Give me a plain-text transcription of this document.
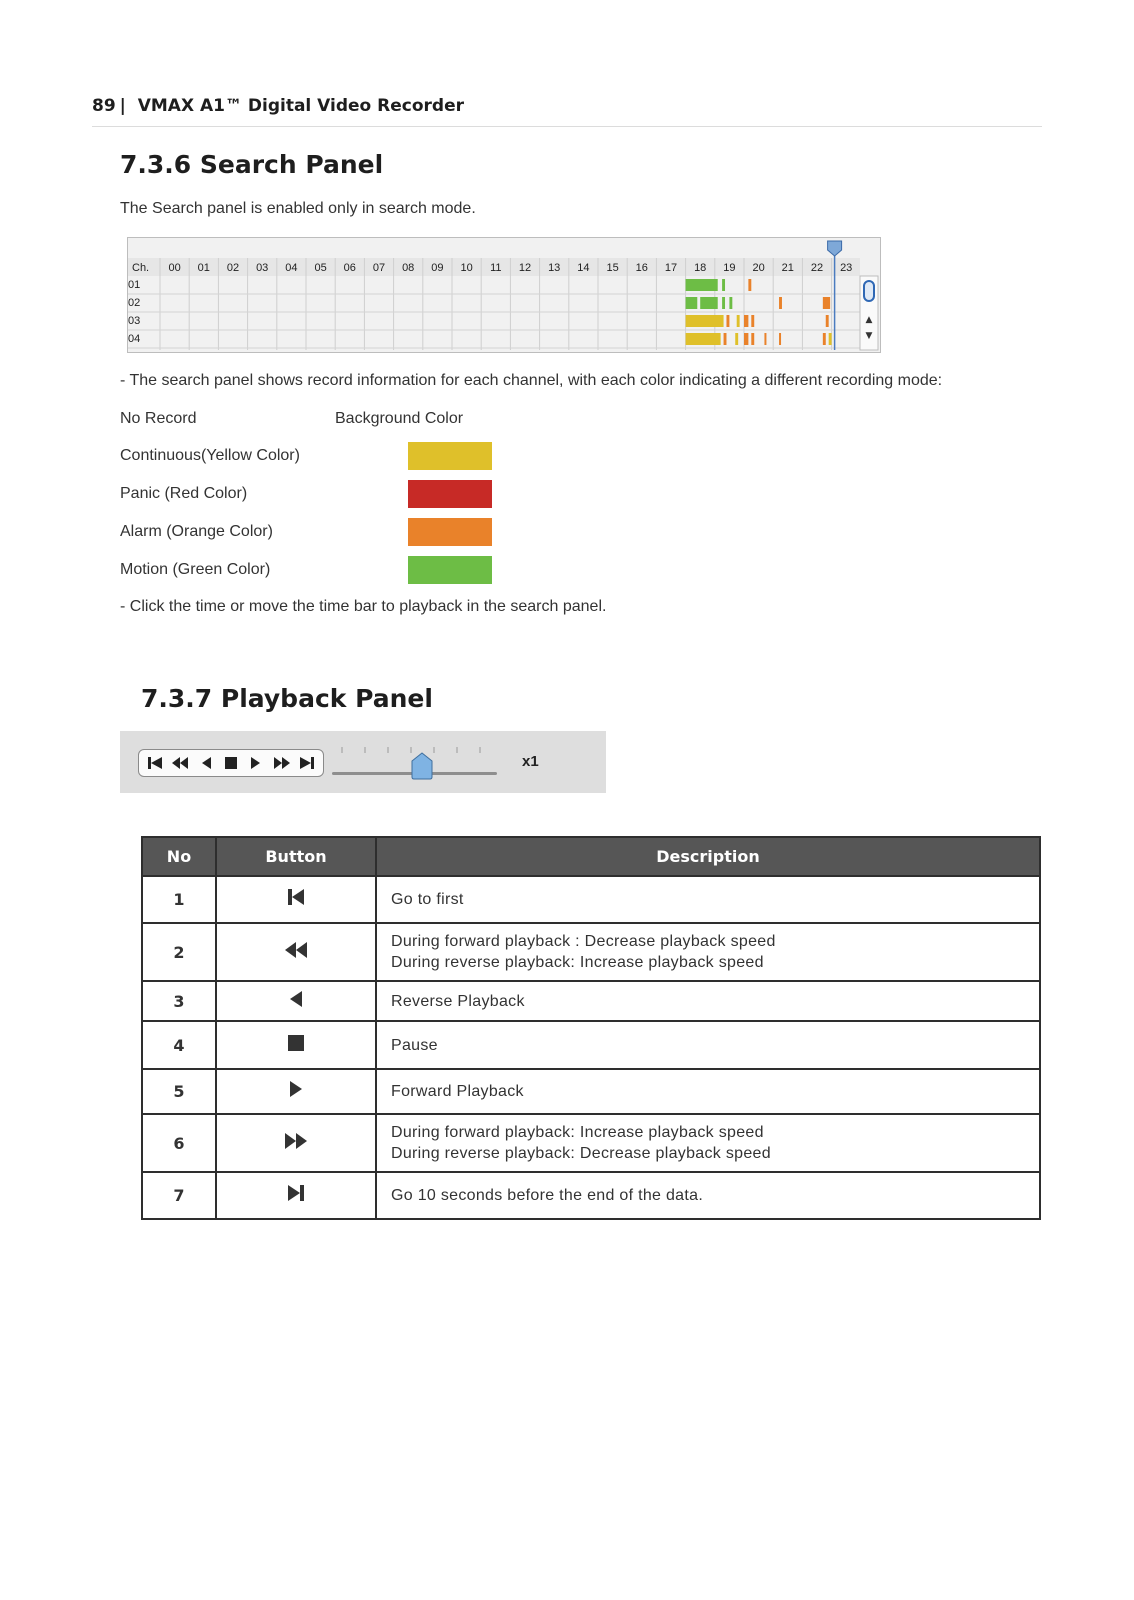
89 | VMAX A1™ Digital Video Recorder
7.3.6 Search Panel

The Search panel is enabled only in search mode.

Ch. 00 01 02 03 04 05 06 07 08 09 10 11 12 13 14 15 16 17 18 19 20 21 22 23
01
02
03
04
▲
▼

- The search panel shows record information for each channel, with each color indicating a different recording mode:

No Record	Background Color
Continuous(Yellow Color)
Panic (Red Color)
Alarm (Orange Color)
Motion (Green Color)

- Click the time or move the time bar to playback in the search panel.

7.3.7 Playback Panel
x1
No	Button	Description
1		Go to first

2		During forward playback : Decrease playback speed
During reverse playback: Increase playback speed

3		Reverse Playback

4		Pause

5		Forward Playback

6		During forward playback: Increase playback speed
During reverse playback: Decrease playback speed

7		Go 10 seconds before the end of the data.
